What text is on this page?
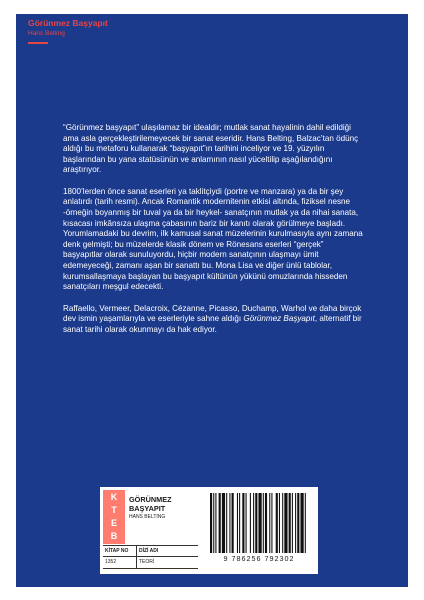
Görünmez Başyapıt
Hans Belting

“Görünmez başyapıt” ulaşılamaz bir idealdir; mutlak sanat hayalinin dahil edildiği ama asla gerçekleştirilemeyecek bir sanat eseridir. Hans Belting, Balzac’tan ödünç aldığı bu metaforu kullanarak “başyapıt”ın tarihini inceliyor ve 19. yüzyılın başlarından bu yana statüsünün ve anlamının nasıl yüceltilip aşağılandığını araştırıyor.

1800’lerden önce sanat eserleri ya taklitçiydi (portre ve manzara) ya da bir şey anlatırdı (tarih resmi). Ancak Romantik modernitenin etkisi altında, fiziksel nesne -örneğin boyanmış bir tuval ya da bir heykel- sanatçının mutlak ya da nihai sanata, kısacası imkânsıza ulaşma çabasının bariz bir kanıtı olarak görülmeye başladı. Yorumlamadaki bu devrim, ilk kamusal sanat müzelerinin kurulmasıyla aynı zamana denk gelmişti; bu müzelerde klasik dönem ve Rönesans eserleri “gerçek” başyapıtlar olarak sunuluyordu, hiçbir modern sanatçının ulaşmayı ümit edemeyeceği, zamanı aşan bir sanattı bu. Mona Lisa ve diğer ünlü tablolar, kurumsallaşmaya başlayan bu başyapıt kültünün yükünü omuzlarında hisseden sanatçıları meşgul edecekti.

Raffaello, Vermeer, Delacroix, Cézanne, Picasso, Duchamp, Warhol ve daha birçok dev ismin yaşamlarıyla ve eserleriyle sahne aldığı Görünmez Başyapıt, alternatif bir sanat tarihi olarak okunmayı da hak ediyor.

K
T
E
B
GÖRÜNMEZ BAŞYAPIT
HANS BELTING
KİTAP NO DİZİ ADI
1352	TEORİ	9 786256 792302
